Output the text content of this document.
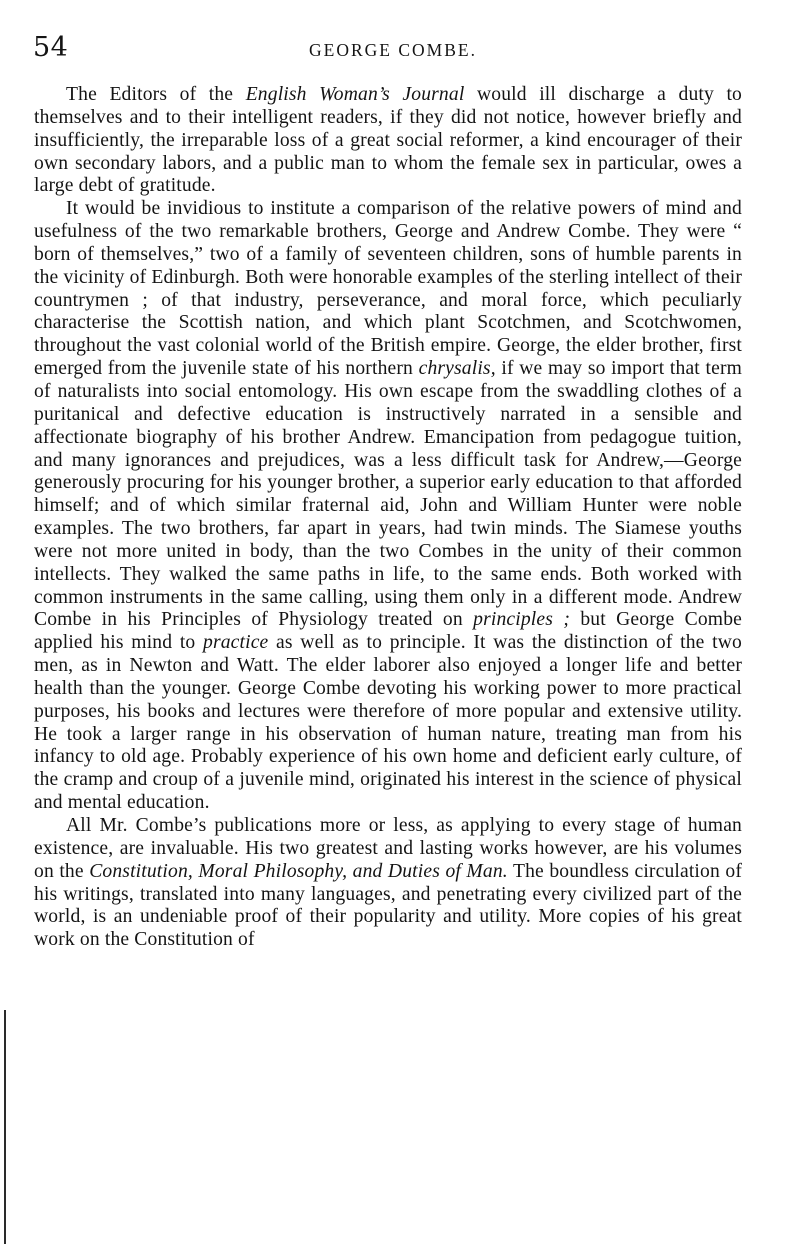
54	GEORGE COMBE.

The Editors of the English Woman’s Journal would ill discharge a duty to themselves and to their intelligent readers, if they did not notice, however briefly and insufficiently, the irreparable loss of a great social reformer, a kind encourager of their own secondary labors, and a public man to whom the female sex in particular, owes a large debt of gratitude.

It would be invidious to institute a comparison of the relative powers of mind and usefulness of the two remarkable brothers, George and Andrew Combe. They were “ born of themselves,” two of a family of seventeen children, sons of humble parents in the vicinity of Edinburgh. Both were honorable examples of the sterling intellect of their countrymen ; of that industry, perseverance, and moral force, which peculiarly characterise the Scottish nation, and which plant Scotchmen, and Scotchwomen, throughout the vast colonial world of the British empire. George, the elder brother, first emerged from the juvenile state of his northern chrysalis, if we may so import that term of naturalists into social entomology. His own escape from the swaddling clothes of a puritanical and defective education is instructively narrated in a sensible and affectionate biography of his brother Andrew. Emancipation from pedagogue tuition, and many ignorances and prejudices, was a less difficult task for Andrew,—George generously procuring for his younger brother, a superior early education to that afforded himself; and of which similar fraternal aid, John and William Hunter were noble examples. The two brothers, far apart in years, had twin minds. The Siamese youths were not more united in body, than the two Combes in the unity of their common intellects. They walked the same paths in life, to the same ends. Both worked with common instruments in the same calling, using them only in a different mode. Andrew Combe in his Principles of Physiology treated on principles ; but George Combe applied his mind to practice as well as to principle. It was the distinction of the two men, as in Newton and Watt. The elder laborer also enjoyed a longer life and better health than the younger. George Combe devoting his working power to more practical purposes, his books and lectures were therefore of more popular and extensive utility. He took a larger range in his observation of human nature, treating man from his infancy to old age. Probably experience of his own home and deficient early culture, of the cramp and croup of a juvenile mind, originated his interest in the science of physical and mental education.

All Mr. Combe’s publications more or less, as applying to every stage of human existence, are invaluable. His two greatest and lasting works however, are his volumes on the Constitution, Moral Philosophy, and Duties of Man. The boundless circulation of his writings, translated into many languages, and penetrating every civilized part of the world, is an undeniable proof of their popularity and utility. More copies of his great work on the Constitution of
